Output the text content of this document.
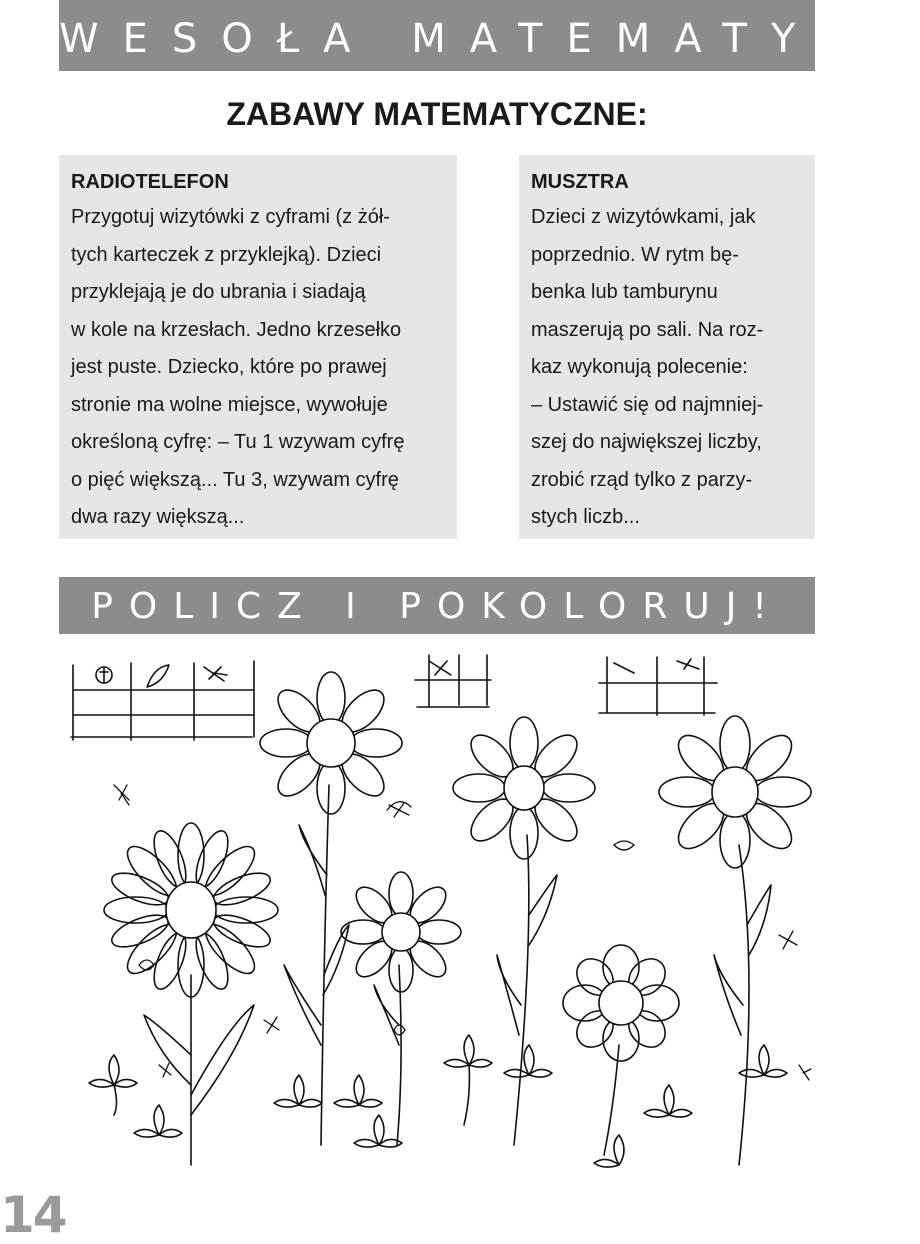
WESOŁA MATEMATYKA
ZABAWY MATEMATYCZNE:

RADIOTELEFON

Przygotuj wizytówki z cyframi (z żół-
tych karteczek z przyklejką). Dzieci
przyklejają je do ubrania i siadają
w kole na krzesłach. Jedno krzesełko
jest puste. Dziecko, które po prawej
stronie ma wolne miejsce, wywołuje
określoną cyfrę: – Tu 1 wzywam cyfrę
o pięć większą... Tu 3, wzywam cyfrę
dwa razy większą...

MUSZTRA

Dzieci z wizytówkami, jak
poprzednio. W rytm bę-
benka lub tamburynu
maszerują po sali. Na roz-
kaz wykonują polecenie:
– Ustawić się od najmniej-
szej do największej liczby,
zrobić rząd tylko z parzy-
stych liczb...

POLICZ I POKOLORUJ!
14
